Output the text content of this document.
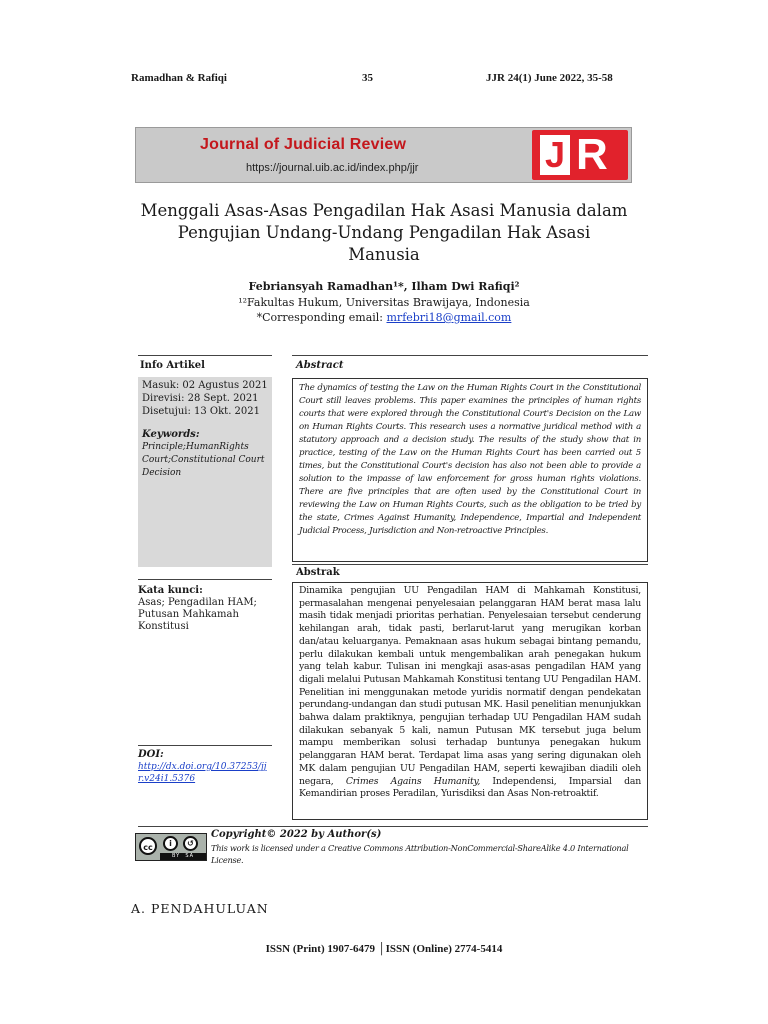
Ramadhan & Rafiqi	35	JJR 24(1) June 2022, 35-58
Journal of Judicial Review
https://journal.uib.ac.id/index.php/jjr	J R
Menggali Asas-Asas Pengadilan Hak Asasi Manusia dalam
Pengujian Undang-Undang Pengadilan Hak Asasi
Manusia
Febriansyah Ramadhan¹*, Ilham Dwi Rafiqi²
¹²Fakultas Hukum, Universitas Brawijaya, Indonesia
*Corresponding email: mrfebri18@gmail.com
Info Artikel	Abstract
Masuk: 02 Agustus 2021
Direvisi: 28 Sept. 2021
Disetujui: 13 Okt. 2021
Keywords:
Principle;HumanRights Court;Constitutional Court Decision
The dynamics of testing the Law on the Human Rights Court in the Constitutional Court still leaves problems. This paper examines the principles of human rights courts that were explored through the Constitutional Court's Decision on the Law on Human Rights Courts. This research uses a normative juridical method with a statutory approach and a decision study. The results of the study show that in practice, testing of the Law on the Human Rights Court has been carried out 5 times, but the Constitutional Court's decision has also not been able to provide a solution to the impasse of law enforcement for gross human rights violations. There are five principles that are often used by the Constitutional Court in reviewing the Law on Human Rights Courts, such as the obligation to be tried by the state, Crimes Against Humanity, Independence, Impartial and Independent Judicial Process, Jurisdiction and Non-retroactive Principles.
Abstrak
Kata kunci:
Asas; Pengadilan HAM; Putusan Mahkamah Konstitusi
Dinamika pengujian UU Pengadilan HAM di Mahkamah Konstitusi, permasalahan mengenai penyelesaian pelanggaran HAM berat masa lalu masih tidak menjadi prioritas perhatian. Penyelesaian tersebut cenderung kehilangan arah, tidak pasti, berlarut-larut yang merugikan korban dan/atau keluarganya. Pemaknaan asas hukum sebagai bintang pemandu, perlu dilakukan kembali untuk mengembalikan arah penegakan hukum yang telah kabur. Tulisan ini mengkaji asas-asas pengadilan HAM yang digali melalui Putusan Mahkamah Konstitusi tentang UU Pengadilan HAM. Penelitian ini menggunakan metode yuridis normatif dengan pendekatan perundang-undangan dan studi putusan MK. Hasil penelitian menunjukkan bahwa dalam praktiknya, pengujian terhadap UU Pengadilan HAM sudah dilakukan sebanyak 5 kali, namun Putusan MK tersebut juga belum mampu memberikan solusi terhadap buntunya penegakan hukum pelanggaran HAM berat. Terdapat lima asas yang sering digunakan oleh MK dalam pengujian UU Pengadilan HAM, seperti kewajiban diadili oleh negara, Crimes Agains Humanity, Independensi, Imparsial dan Kemandirian proses Peradilan, Yurisdiksi dan Asas Non-retroaktif.
DOI:
http://dx.doi.org/10.37253/jjr.v24i1.5376
cc	i	↺
BY SA
Copyright© 2022 by Author(s)
This work is licensed under a Creative Commons Attribution-NonCommercial-ShareAlike 4.0 International License.
A. PENDAHULUAN
ISSN (Print) 1907-6479 │ISSN (Online) 2774-5414
